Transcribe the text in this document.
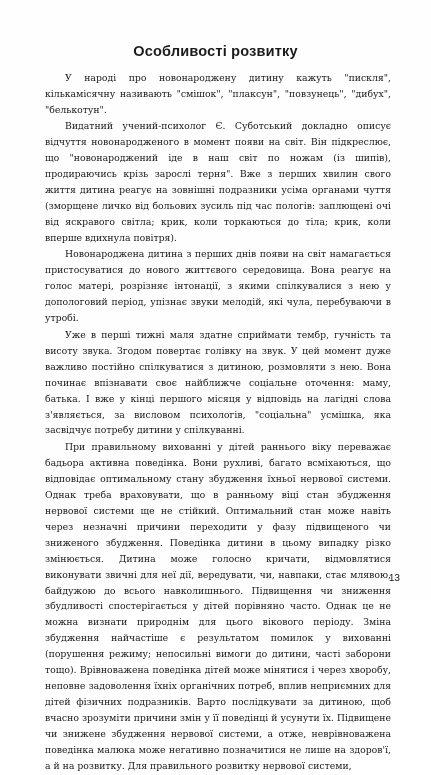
Особливості розвитку

У народі про новонароджену дитину кажуть "пискля", кількамісячну називають "смішок", "плаксун", "повзунець", "дибух", "белькотун".

Видатний учений-психолог Є. Суботський докладно описує відчуття новонародженого в момент появи на світ. Він підкреслює, що "новонароджений іде в наш світ по ножам (із шипів), продираючись крізь зарослі терня". Вже з перших хвилин свого життя дитина реагує на зовнішні подразники усіма органами чуття (зморщене личко від больових зусиль під час пологів: заплющені очі від яскравого світла; крик, коли торкаються до тіла; крик, коли вперше вдихнула повітря).

Новонароджена дитина з перших днів появи на світ намагається пристосуватися до нового життєвого середовища. Вона реагує на голос матері, розрізняє інтонації, з якими спілкувалися з нею у допологовий період, упізнає звуки мелодій, які чула, перебуваючи в утробі.

Уже в перші тижні маля здатне сприймати тембр, гучність та висоту звука. Згодом повертає голівку на звук. У цей момент дуже важливо постійно спілкуватися з дитиною, розмовляти з нею. Вона починає впізнавати своє найближче соціальне оточення: маму, батька. І вже у кінці першого місяця у відповідь на лагідні слова з'являється, за висловом психологів, "соціальна" усмішка, яка засвідчує потребу дитини у спілкуванні.

При правильному вихованні у дітей раннього віку переважає бадьора активна поведінка. Вони рухливі, багато всміхаються, що відповідає оптимальному стану збудження їхньої нервової системи. Однак треба враховувати, що в ранньому віці стан збудження нервової системи ще не стійкий. Оптимальний стан може навіть через незначні причини переходити у фазу підвищеного чи зниженого збудження. Поведінка дитини в цьому випадку різко змінюється. Дитина може голосно кричати, відмовлятися виконувати звичні для неї дії, вередувати, чи, навпаки, стає млявою, байдужою до всього навколишнього. Підвищення чи зниження збудливості спостерігається у дітей порівняно часто. Однак це не можна визнати природнім для цього вікового періоду. Зміна збудження найчастіше є результатом помилок у вихованні (порушення режиму; непосильні вимоги до дитини, часті заборони тощо). Врівноважена поведінка дітей може мінятися і через хворобу, неповне задоволення їхніх органічних потреб, вплив неприємних для дітей фізичних подразників. Варто послідкувати за дитиною, щоб вчасно зрозуміти причини змін у її поведінці й усунути їх. Підвищене чи знижене збудження нервової системи, а отже, неврівноважена поведінка малюка може негативно позначитися не лише на здоров'ї, а й на розвитку. Для правильного розвитку нервової системи,

13
